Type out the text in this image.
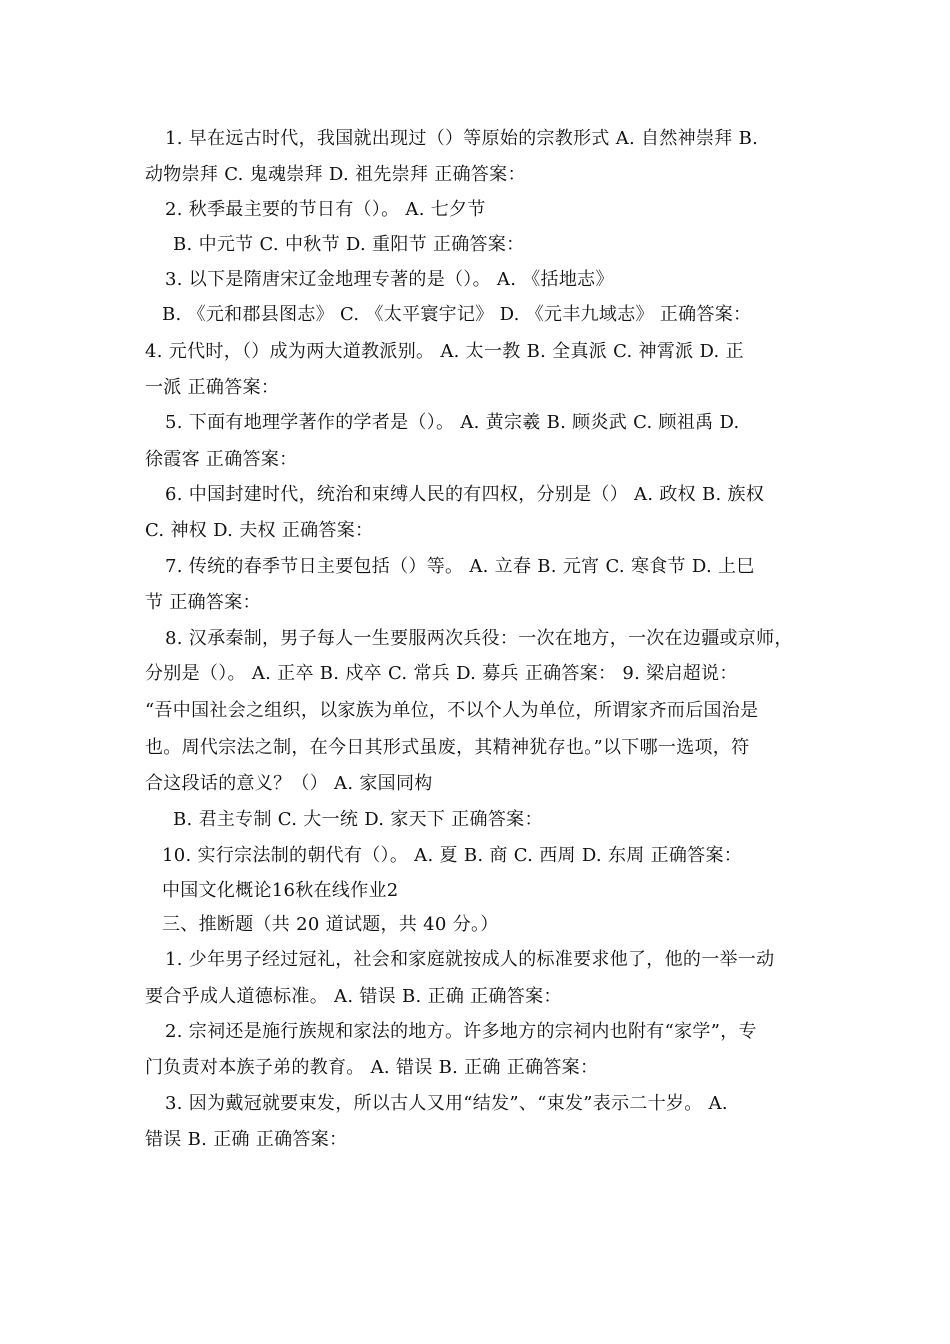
1. 早在远古时代，我国就出现过（）等原始的宗教形式 A. 自然神崇拜 B.
动物崇拜 C. 鬼魂崇拜 D. 祖先崇拜 正确答案：
2. 秋季最主要的节日有（）。 A. 七夕节
B. 中元节 C. 中秋节 D. 重阳节 正确答案：
3. 以下是隋唐宋辽金地理专著的是（）。 A. 《括地志》
B. 《元和郡县图志》 C. 《太平寰宇记》 D. 《元丰九域志》 正确答案：
4. 元代时，（）成为两大道教派别。 A. 太一教 B. 全真派 C. 神霄派 D. 正
一派 正确答案：
5. 下面有地理学著作的学者是（）。 A. 黄宗羲 B. 顾炎武 C. 顾祖禹 D.
徐霞客 正确答案：
6. 中国封建时代，统治和束缚人民的有四权，分别是（） A. 政权 B. 族权
C. 神权 D. 夫权 正确答案：
7. 传统的春季节日主要包括（）等。 A. 立春 B. 元宵 C. 寒食节 D. 上巳
节 正确答案：
8. 汉承秦制，男子每人一生要服两次兵役：一次在地方，一次在边疆或京师，
分别是（）。 A. 正卒 B. 戍卒 C. 常兵 D. 募兵 正确答案： 9. 梁启超说：
“吾中国社会之组织，以家族为单位，不以个人为单位，所谓家齐而后国治是
也。周代宗法之制，在今日其形式虽废，其精神犹存也。”以下哪一选项，符
合这段话的意义？（） A. 家国同构
B. 君主专制 C. 大一统 D. 家天下 正确答案：
10. 实行宗法制的朝代有（）。 A. 夏 B. 商 C. 西周 D. 东周 正确答案：
中国文化概论16秋在线作业2
三、推断题（共 20 道试题，共 40 分。）
1. 少年男子经过冠礼，社会和家庭就按成人的标准要求他了，他的一举一动
要合乎成人道德标准。 A. 错误 B. 正确 正确答案：
2. 宗祠还是施行族规和家法的地方。许多地方的宗祠内也附有“家学”，专
门负责对本族子弟的教育。 A. 错误 B. 正确 正确答案：
3. 因为戴冠就要束发，所以古人又用“结发”、“束发”表示二十岁。 A.
错误 B. 正确 正确答案：
